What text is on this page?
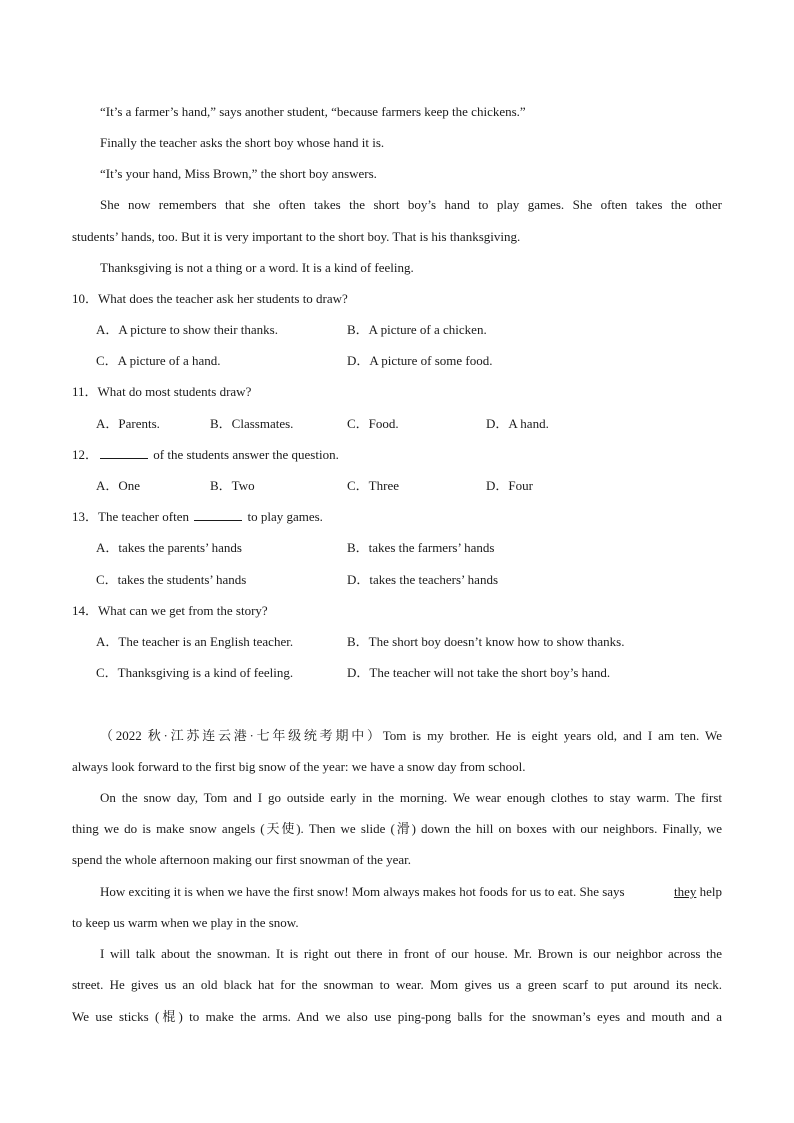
“It’s a farmer’s hand,” says another student, “because farmers keep the chickens.”
Finally the teacher asks the short boy whose hand it is.
“It’s your hand, Miss Brown,” the short boy answers.
She now remembers that she often takes the short boy’s hand to play games. She often takes the other
students’ hands, too. But it is very important to the short boy. That is his thanksgiving.
Thanksgiving is not a thing or a word. It is a kind of feeling.
10．What does the teacher ask her students to draw?
A．A picture to show their thanks.	B．A picture of a chicken.
C．A picture of a hand.	D．A picture of some food.
11．What do most students draw?
A．Parents.	B．Classmates.	C．Food.	D．A hand.
12．	of the students answer the question.
A．One	B．Two	C．Three	D．Four
13．The teacher often	to play games.
A．takes the parents’ hands	B．takes the farmers’ hands
C．takes the students’ hands	D．takes the teachers’ hands
14．What can we get from the story?
A．The teacher is an English teacher.	B．The short boy doesn’t know how to show thanks.
C．Thanksgiving is a kind of feeling.	D．The teacher will not take the short boy’s hand.
（2022 秋·江苏连云港·七年级统考期中）Tom is my brother. He is eight years old, and I am ten. We
always look forward to the first big snow of the year: we have a snow day from school.
On the snow day, Tom and I go outside early in the morning. We wear enough clothes to stay warm. The first
thing we do is make snow angels (天使). Then we slide (滑) down the hill on boxes with our neighbors. Finally, we
spend the whole afternoon making our first snowman of the year.
How exciting it is when we have the first snow! Mom always makes hot foods for us to eat. She says	they help
to keep us warm when we play in the snow.
I will talk about the snowman. It is right out there in front of our house. Mr. Brown is our neighbor across the
street. He gives us an old black hat for the snowman to wear. Mom gives us a green scarf to put around its neck.
We use sticks (棍) to make the arms. And we also use ping-pong balls for the snowman’s eyes and mouth and a
